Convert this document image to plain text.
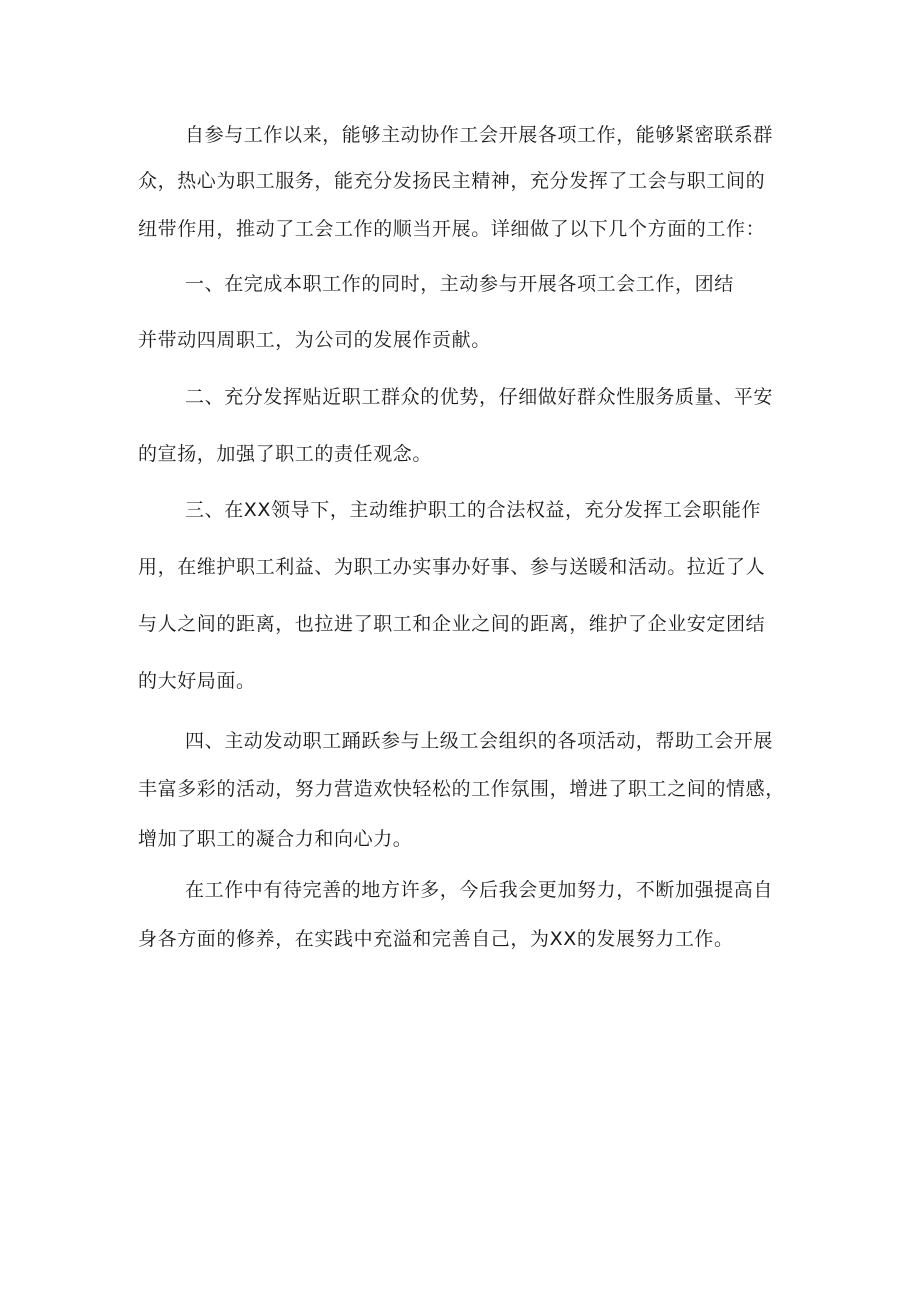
自参与工作以来，能够主动协作工会开展各项工作，能够紧密联系群

众，热心为职工服务，能充分发扬民主精神，充分发挥了工会与职工间的

纽带作用，推动了工会工作的顺当开展。详细做了以下几个方面的工作：

一、在完成本职工作的同时，主动参与开展各项工会工作，团结

并带动四周职工，为公司的发展作贡献。

二、充分发挥贴近职工群众的优势，仔细做好群众性服务质量、平安

的宣扬，加强了职工的责任观念。

三、在XX领导下，主动维护职工的合法权益，充分发挥工会职能作

用，在维护职工利益、为职工办实事办好事、参与送暖和活动。拉近了人

与人之间的距离，也拉进了职工和企业之间的距离，维护了企业安定团结

的大好局面。

四、主动发动职工踊跃参与上级工会组织的各项活动，帮助工会开展

丰富多彩的活动，努力营造欢快轻松的工作氛围，增进了职工之间的情感，

增加了职工的凝合力和向心力。

在工作中有待完善的地方许多，今后我会更加努力，不断加强提高自

身各方面的修养，在实践中充溢和完善自己，为XX的发展努力工作。
